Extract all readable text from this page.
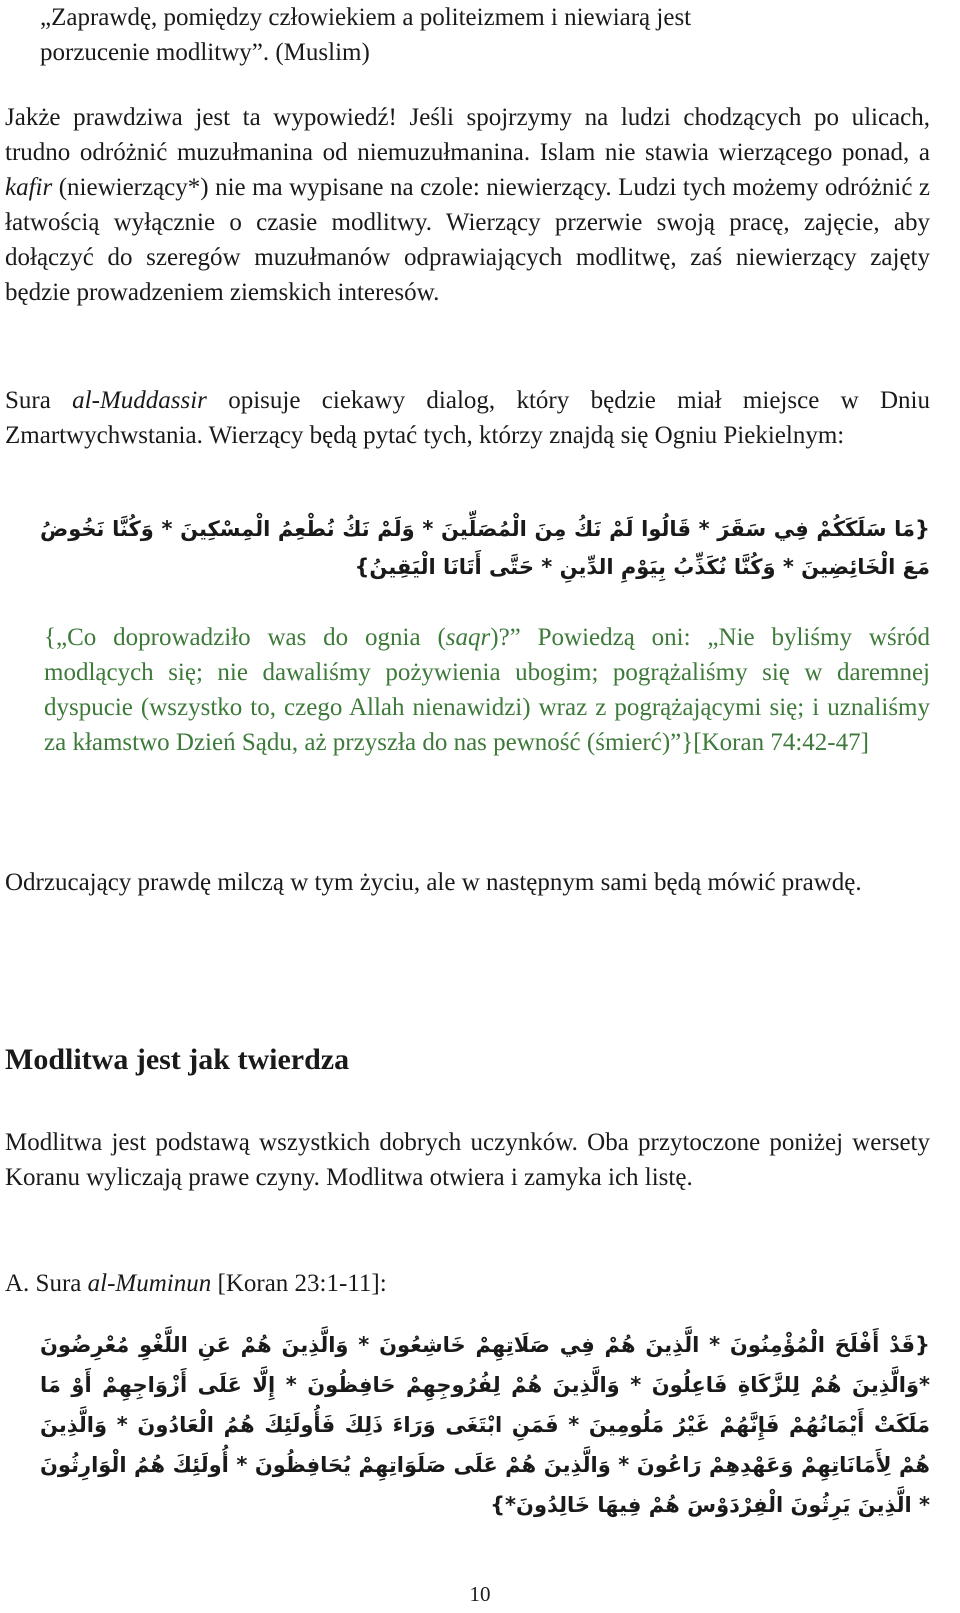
„Zaprawdę, pomiędzy człowiekiem a politeizmem i niewiarą jest
porzucenie modlitwy”. (Muslim)

Jakże prawdziwa jest ta wypowiedź! Jeśli spojrzymy na ludzi chodzących po ulicach, trudno odróżnić muzułmanina od niemuzułmanina. Islam nie stawia wierzącego ponad, a kafir (niewierzący*) nie ma wypisane na czole: niewierzący. Ludzi tych możemy odróżnić z łatwością wyłącznie o czasie modlitwy. Wierzący przerwie swoją pracę, zajęcie, aby dołączyć do szeregów muzułmanów odprawiających modlitwę, zaś niewierzący zajęty będzie prowadzeniem ziemskich interesów.

Sura al-Muddassir opisuje ciekawy dialog, który będzie miał miejsce w Dniu Zmartwychwstania. Wierzący będą pytać tych, którzy znajdą się Ogniu Piekielnym:

{مَا سَلَكَكُمْ فِي سَقَرَ * قَالُوا لَمْ نَكُ مِنَ الْمُصَلِّينَ * وَلَمْ نَكُ نُطْعِمُ الْمِسْكِينَ * وَكُنَّا نَخُوضُ مَعَ الْخَائِضِينَ * وَكُنَّا نُكَذِّبُ بِيَوْمِ الدِّينِ * حَتَّى أَتَانَا الْيَقِينُ}

{„Co doprowadziło was do ognia (saqr)?” Powiedzą oni: „Nie byliśmy wśród modlących się; nie dawaliśmy pożywienia ubogim; pogrążaliśmy się w daremnej dyspucie (wszystko to, czego Allah nienawidzi) wraz z pogrążającymi się; i uznaliśmy za kłamstwo Dzień Sądu, aż przyszła do nas pewność (śmierć)”}[Koran 74:42-47]

Odrzucający prawdę milczą w tym życiu, ale w następnym sami będą mówić prawdę.

Modlitwa jest jak twierdza

Modlitwa jest podstawą wszystkich dobrych uczynków. Oba przytoczone poniżej wersety Koranu wyliczają prawe czyny. Modlitwa otwiera i zamyka ich listę.

A. Sura al-Muminun [Koran 23:1-11]:

{قَدْ أَفْلَحَ الْمُؤْمِنُونَ * الَّذِينَ هُمْ فِي صَلَاتِهِمْ خَاشِعُونَ * وَالَّذِينَ هُمْ عَنِ اللَّغْوِ مُعْرِضُونَ *وَالَّذِينَ هُمْ لِلزَّكَاةِ فَاعِلُونَ * وَالَّذِينَ هُمْ لِفُرُوجِهِمْ حَافِظُونَ * إِلَّا عَلَى أَزْوَاجِهِمْ أَوْ مَا مَلَكَتْ أَيْمَانُهُمْ فَإِنَّهُمْ غَيْرُ مَلُومِينَ * فَمَنِ ابْتَغَى وَرَاءَ ذَلِكَ فَأُولَئِكَ هُمُ الْعَادُونَ * وَالَّذِينَ هُمْ لِأَمَانَاتِهِمْ وَعَهْدِهِمْ رَاعُونَ * وَالَّذِينَ هُمْ عَلَى صَلَوَاتِهِمْ يُحَافِظُونَ * أُولَئِكَ هُمُ الْوَارِثُونَ * الَّذِينَ يَرِثُونَ الْفِرْدَوْسَ هُمْ فِيهَا خَالِدُونَ*}

10
